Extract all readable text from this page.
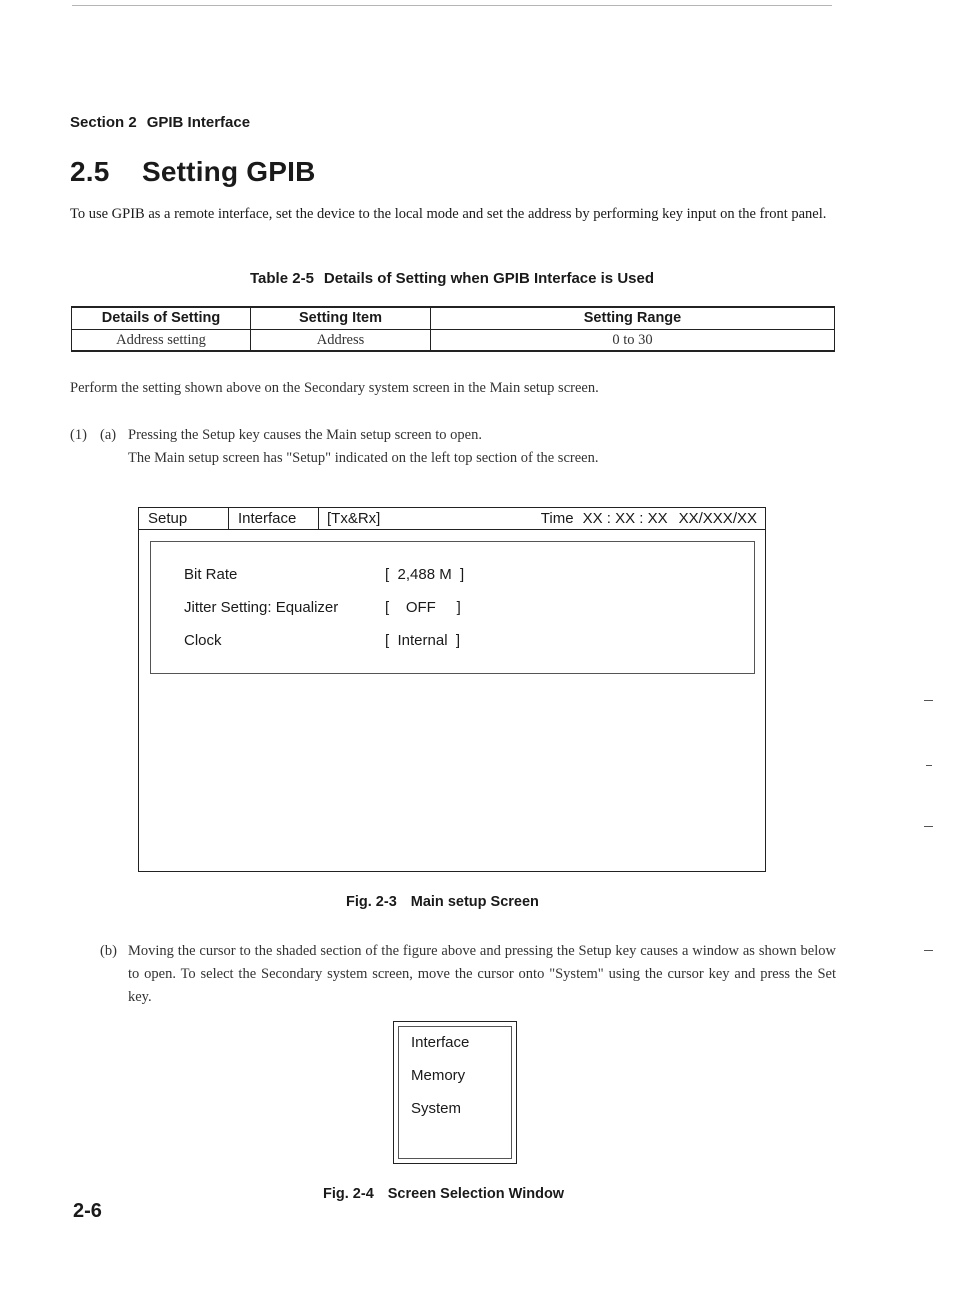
Section 2 GPIB Interface
2.5 Setting GPIB
To use GPIB as a remote interface, set the device to the local mode and set the address by performing key input on the front panel.
Table 2-5 Details of Setting when GPIB Interface is Used
Details of Setting	Setting Item	Setting Range
Address setting	Address	0 to 30
Perform the setting shown above on the Secondary system screen in the Main setup screen.
(1) (a) Pressing the Setup key causes the Main setup screen to open.
The Main setup screen has "Setup" indicated on the left top section of the screen.
Setup	Interface	[Tx&Rx]	Time XX : XX : XX XX/XXX/XX
Bit Rate	[  2,488 M  ]
Jitter Setting: Equalizer	[    OFF     ]
Clock	[  Internal  ]
Fig. 2-3 Main setup Screen
(b) Moving the cursor to the shaded section of the figure above and pressing the Setup key causes a window as shown below to open. To select the Secondary system screen, move the cursor onto "System" using the cursor key and press the Set key.
Interface
Memory
System
Fig. 2-4 Screen Selection Window
2-6
